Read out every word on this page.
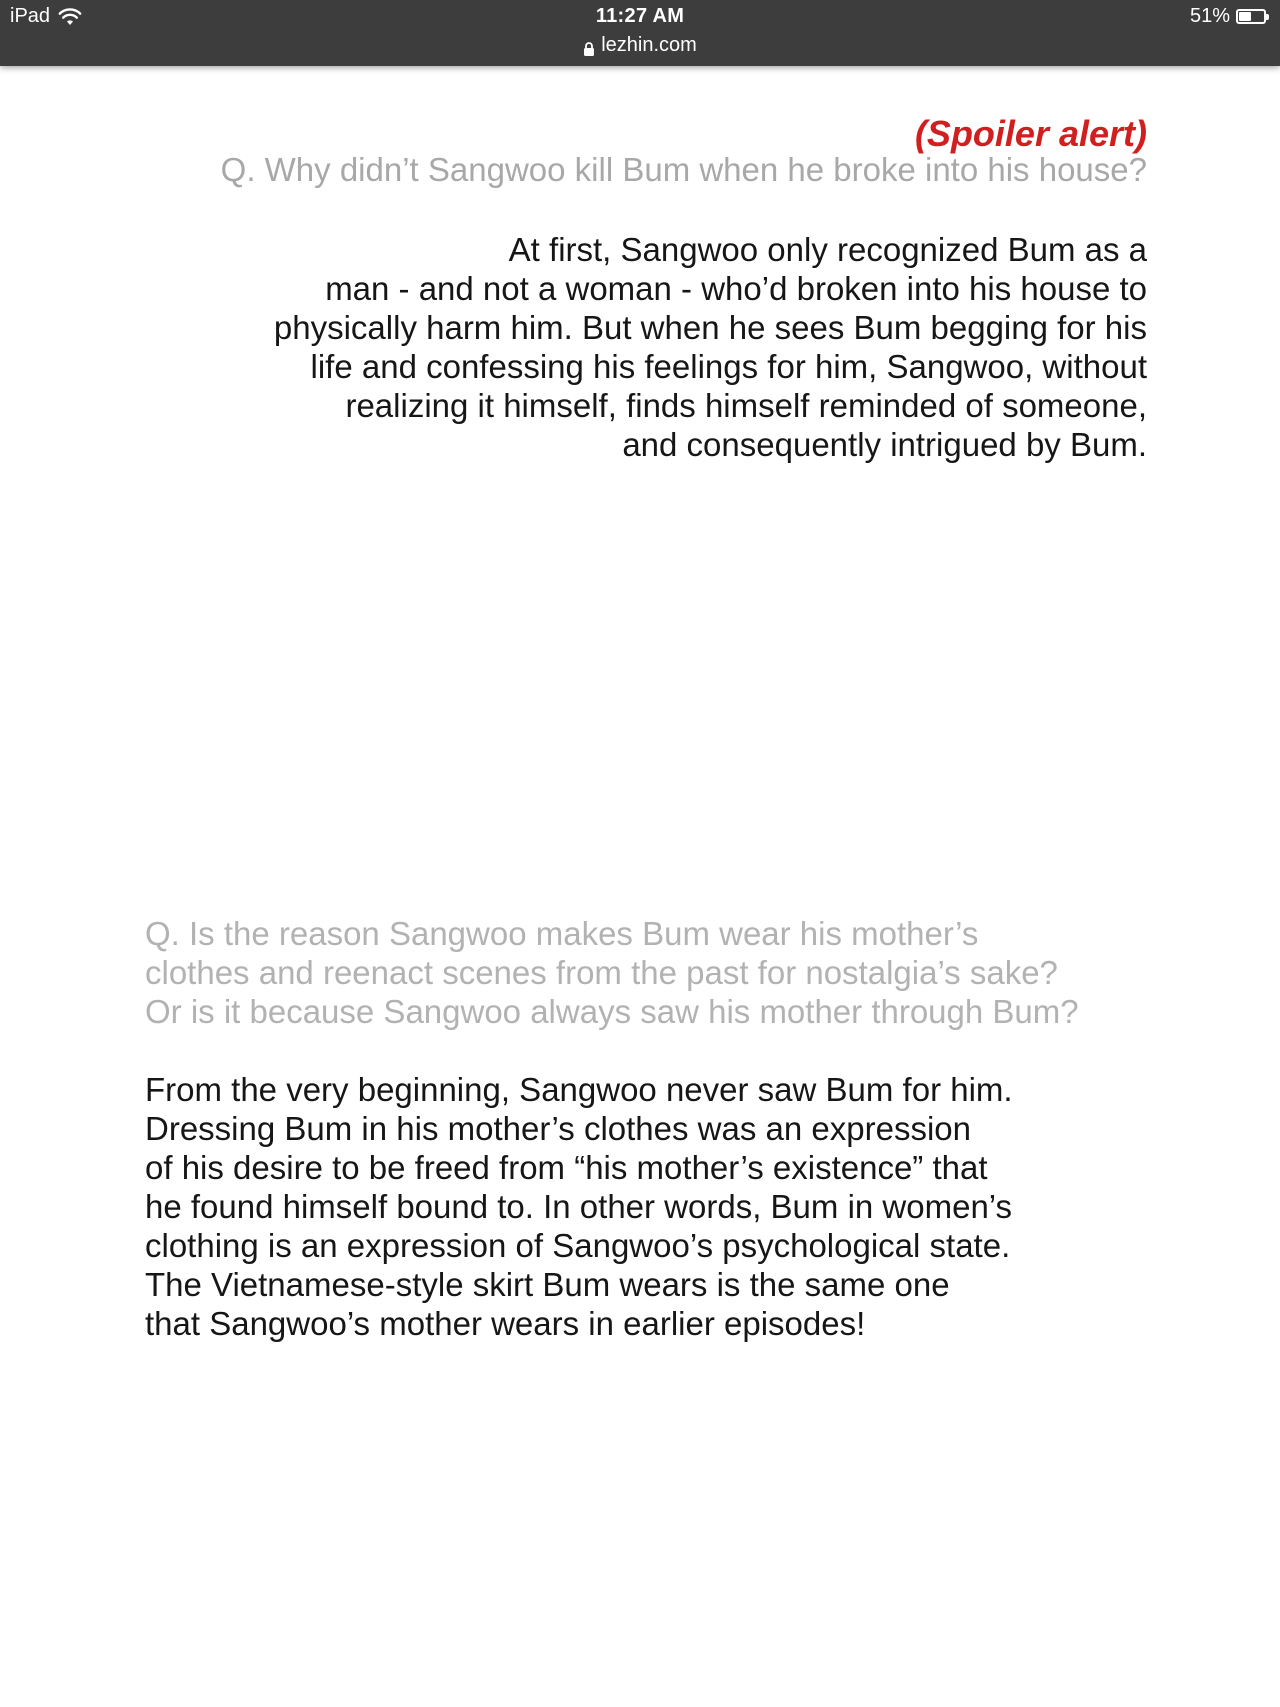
iPad	11:27 AM
lezhin.com
51%
(Spoiler alert)
Q. Why didn’t Sangwoo kill Bum when he broke into his house?
At first, Sangwoo only recognized Bum as a
man - and not a woman - who’d broken into his house to
physically harm him. But when he sees Bum begging for his
life and confessing his feelings for him, Sangwoo, without
realizing it himself, finds himself reminded of someone,
and consequently intrigued by Bum.
Q. Is the reason Sangwoo makes Bum wear his mother’s
clothes and reenact scenes from the past for nostalgia’s sake?
Or is it because Sangwoo always saw his mother through Bum?
From the very beginning, Sangwoo never saw Bum for him.
Dressing Bum in his mother’s clothes was an expression
of his desire to be freed from “his mother’s existence” that
he found himself bound to. In other words, Bum in women’s
clothing is an expression of Sangwoo’s psychological state.
The Vietnamese-style skirt Bum wears is the same one
that Sangwoo’s mother wears in earlier episodes!
